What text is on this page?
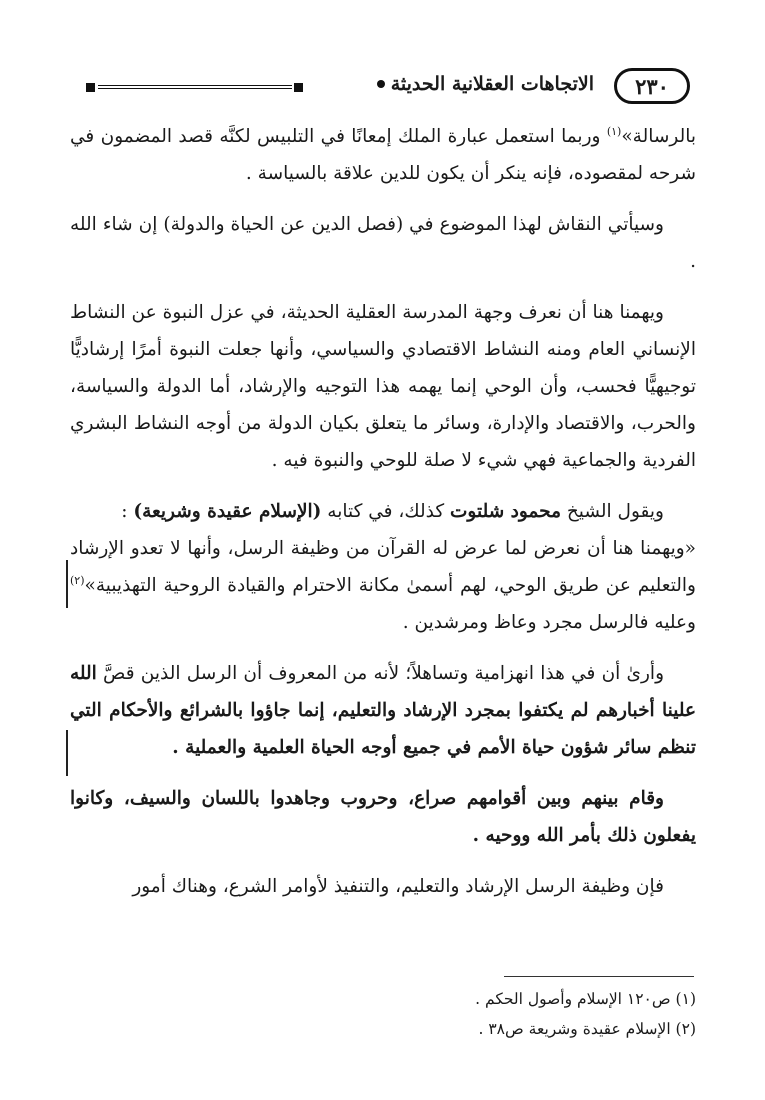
٢٣٠
الاتجاهات العقلانية الحديثة

بالرسالة»$^{(١)}$ وربما استعمل عبارة الملك إمعانًا في التلبيس لكنَّه قصد المضمون في شرحه لمقصوده، فإنه ينكر أن يكون للدين علاقة بالسياسة .

وسيأتي النقاش لهذا الموضوع في (فصل الدين عن الحياة والدولة) إن شاء الله .

ويهمنا هنا أن نعرف وجهة المدرسة العقلية الحديثة، في عزل النبوة عن النشاط الإنساني العام ومنه النشاط الاقتصادي والسياسي، وأنها جعلت النبوة أمرًا إرشاديًّا توجيهيًّا فحسب، وأن الوحي إنما يهمه هذا التوجيه والإرشاد، أما الدولة والسياسة، والحرب، والاقتصاد والإدارة، وسائر ما يتعلق بكيان الدولة من أوجه النشاط البشري الفردية والجماعية فهي شيء لا صلة للوحي والنبوة فيه .

ويقول الشيخ محمود شلتوت كذلك، في كتابه (الإسلام عقيدة وشريعة) :

«ويهمنا هنا أن نعرض لما عرض له القرآن من وظيفة الرسل، وأنها لا تعدو الإرشاد والتعليم عن طريق الوحي، لهم أسمىٰ مكانة الاحترام والقيادة الروحية التهذيبية»$^{(٢)}$ وعليه فالرسل مجرد وعاظ ومرشدين .

وأرىٰ أن في هذا انهزامية وتساهلاً؛ لأنه من المعروف أن الرسل الذين قصَّ الله علينا أخبارهم لم يكتفوا بمجرد الإرشاد والتعليم، إنما جاؤوا بالشرائع والأحكام التي تنظم سائر شؤون حياة الأمم في جميع أوجه الحياة العلمية والعملية .

وقام بينهم وبين أقوامهم صراع، وحروب وجاهدوا باللسان والسيف، وكانوا يفعلون ذلك بأمر الله ووحيه .

فإن وظيفة الرسل الإرشاد والتعليم، والتنفيذ لأوامر الشرع، وهناك أمور

(١) ص١٢٠ الإسلام وأصول الحكم .
(٢) الإسلام عقيدة وشريعة ص٣٨ .
